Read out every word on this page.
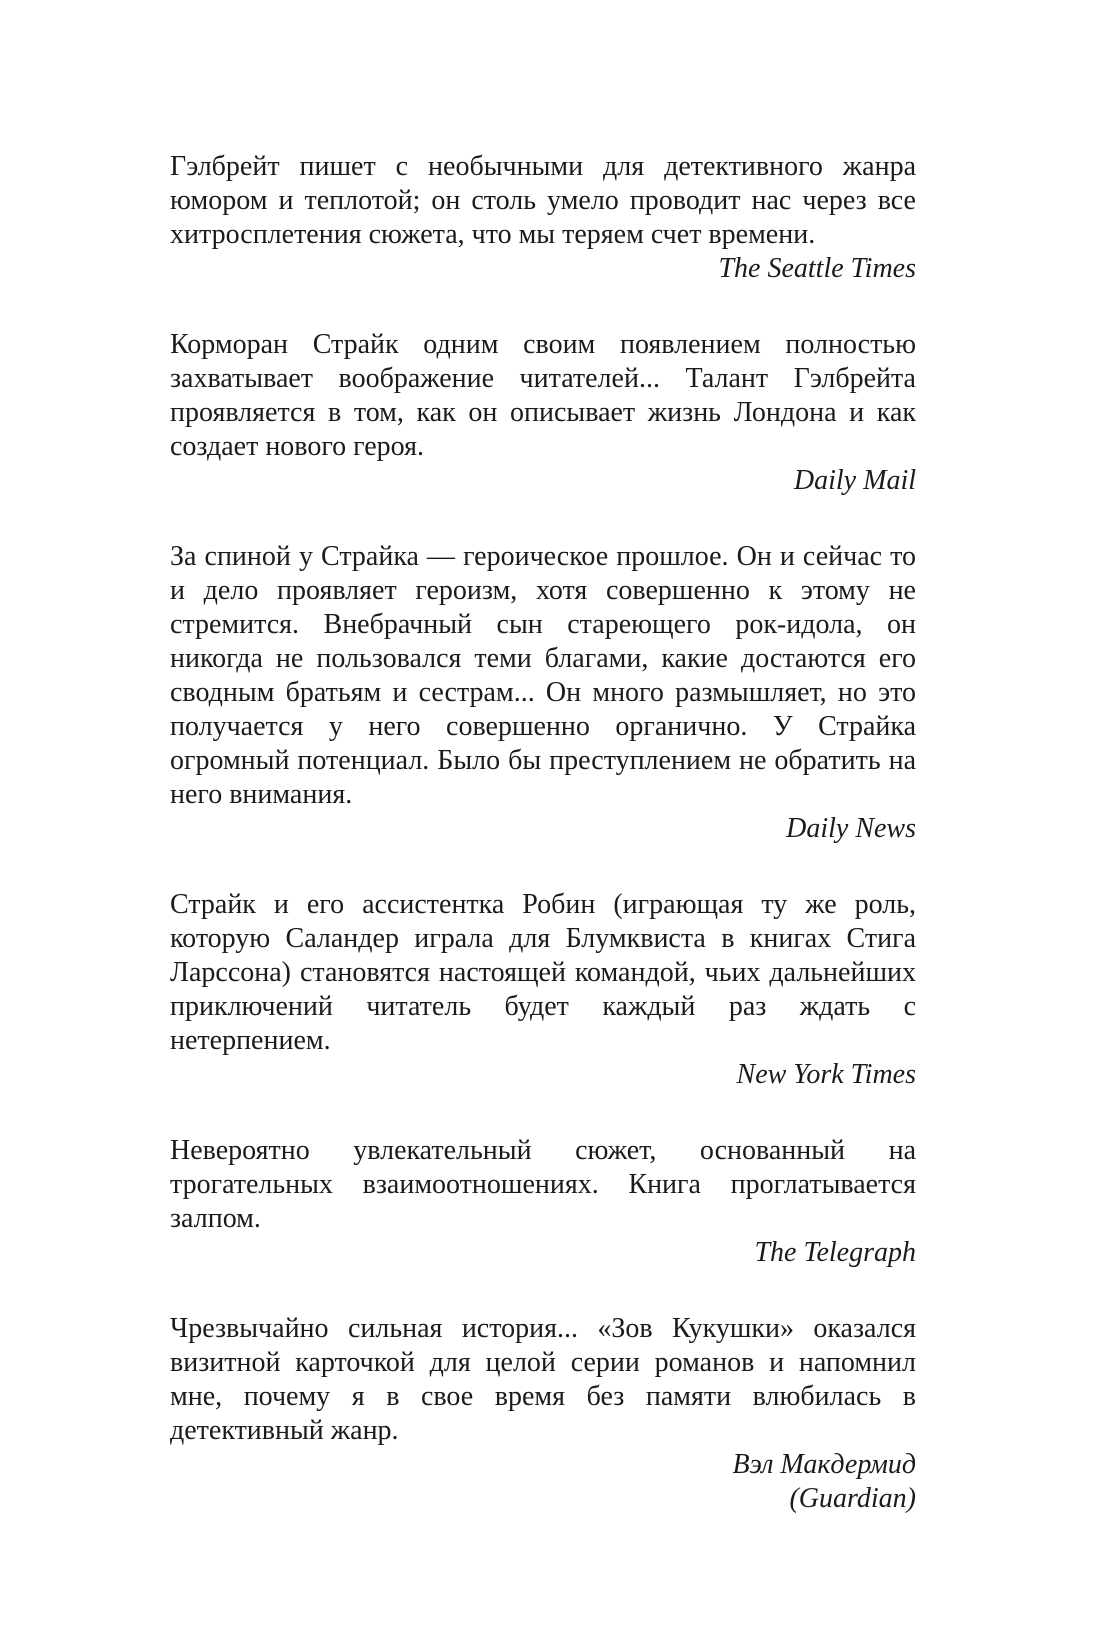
Гэлбрейт пишет с необычными для детективного жанра юмором и теплотой; он столь умело проводит нас через все хитросплетения сюжета, что мы теряем счет времени.

The Seattle Times

Корморан Страйк одним своим появлением полностью захватывает воображение читателей... Талант Гэлбрейта проявляется в том, как он описывает жизнь Лондона и как создает нового героя.

Daily Mail

За спиной у Страйка — героическое прошлое. Он и сейчас то и дело проявляет героизм, хотя совершенно к этому не стремится. Внебрачный сын стареющего рок-идола, он никогда не пользовался теми благами, какие достаются его сводным братьям и сестрам... Он много размышляет, но это получается у него совершенно органично. У Страйка огромный потенциал. Было бы преступлением не обратить на него внимания.

Daily News

Страйк и его ассистентка Робин (играющая ту же роль, которую Саландер играла для Блумквиста в книгах Стига Ларссона) становятся настоящей командой, чьих дальнейших приключений читатель будет каждый раз ждать с нетерпением.

New York Times

Невероятно увлекательный сюжет, основанный на трогательных взаимоотношениях. Книга проглатывается залпом.

The Telegraph

Чрезвычайно сильная история... «Зов Кукушки» оказался визитной карточкой для целой серии романов и напомнил мне, почему я в свое время без памяти влюбилась в детективный жанр.

Вэл Макдермид

(Guardian)
